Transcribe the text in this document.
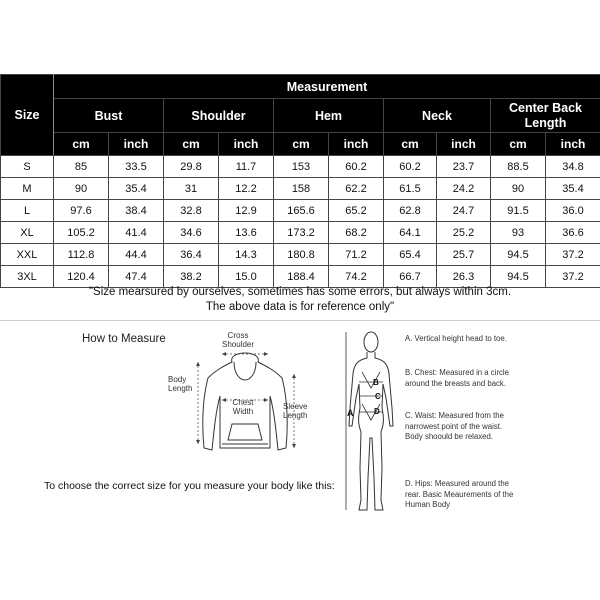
Size	Measurement									
	Bust		Shoulder		Hem		Neck		Center Back Length	
	cm	inch	cm	inch	cm	inch	cm	inch	cm	inch
S	85	33.5	29.8	11.7	153	60.2	60.2	23.7	88.5	34.8
M	90	35.4	31	12.2	158	62.2	61.5	24.2	90	35.4
L	97.6	38.4	32.8	12.9	165.6	65.2	62.8	24.7	91.5	36.0
XL	105.2	41.4	34.6	13.6	173.2	68.2	64.1	25.2	93	36.6
XXL	112.8	44.4	36.4	14.3	180.8	71.2	65.4	25.7	94.5	37.2
3XL	120.4	47.4	38.2	15.0	188.4	74.2	66.7	26.3	94.5	37.2
"Size mearsured by ourselves, sometimes has some errors, but always within 3cm.
The above data is for reference only"
How to Measure	Cross Shoulder
Body Length
Chest Width
Sleeve Length
To choose the correct size for you measure your body like this:
A
B
C
D
A. Vertical height head to toe.
B. Chest: Measured in a circle around the breasts and back.
C. Waist: Measured from the narrowest point of the waist. Body shoould be relaxed.
D. Hips: Measured around the rear. Basic Meaurements of the Human Body
